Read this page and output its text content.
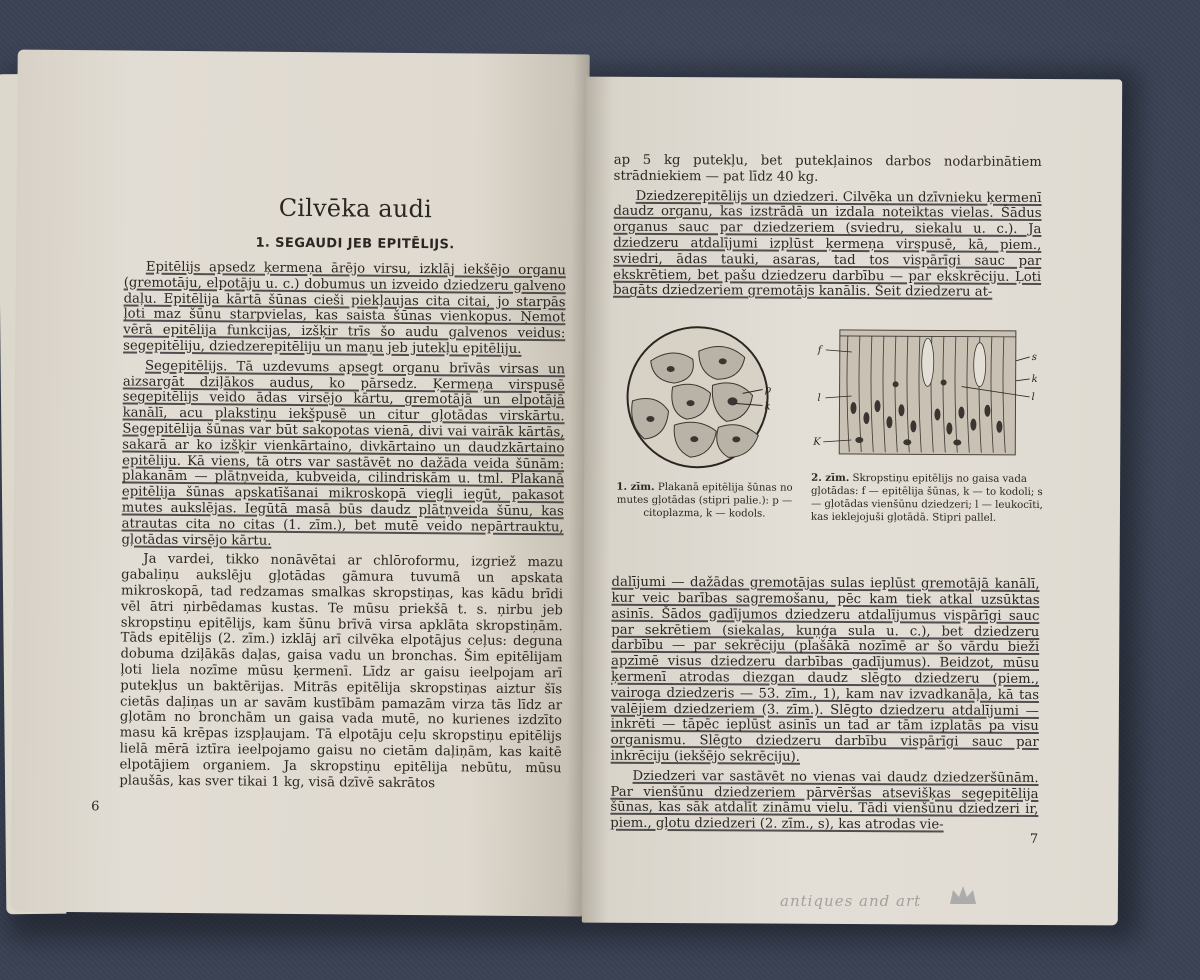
Cilvēka audi
1. SEGAUDI JEB EPITĒLIJS.

Epitēlijs apsedz ķermeņa ārējo virsu, izklāj iekšējo organu (gremotāju, elpotāju u. c.) dobumus un izveido dziedzeru galveno daļu. Epitēlija kārtā šūnas cieši piekļaujas cita citai, jo starpās ļoti maz šūnu starpvielas, kas saista šūnas vienkopus. Ņemot vērā epitēlija funkcijas, izšķir trīs šo audu galvenos veidus: segepitēliju, dziedzerepitēliju un maņu jeb jutekļu epitēliju.

Segepitēlijs. Tā uzdevums apsegt organu brīvās virsas un aizsargāt dziļākos audus, ko pārsedz. Ķermeņa virspusē segepitēlijs veido ādas virsējo kārtu, gremotājā un elpotājā kanālī, acu plakstiņu iekšpusē un citur gļotādas virskārtu. Segepitēlija šūnas var būt sakopotas vienā, divi vai vairāk kārtās, sakarā ar ko izšķir vienkārtaino, divkārtaino un daudzkārtaino epitēliju. Kā viens, tā otrs var sastāvēt no dažāda veida šūnām: plakanām — plātņveida, kubveida, cilindriskām u. tml. Plakanā epitēlija šūnas apskatīšanai mikroskopā viegli iegūt, pakasot mutes aukslējas. Iegūtā masā būs daudz plātņveida šūnu, kas atrautas cita no citas (1. zīm.), bet mutē veido nepārtrauktu, gļotādas virsējo kārtu.

Ja vardei, tikko nonāvētai ar chlōroformu, izgriež mazu gabaliņu aukslēju gļotādas gāmura tuvumā un apskata mikroskopā, tad redzamas smalkas skropstiņas, kas kādu brīdi vēl ātri ņirbēdamas kustas. Te mūsu priekšā t. s. ņirbu jeb skropstiņu epitēlijs, kam šūnu brīvā virsa apklāta skropstiņām. Tāds epitēlijs (2. zīm.) izklāj arī cilvēka elpotājus ceļus: deguna dobuma dziļākās daļas, gaisa vadu un bronchas. Šim epitēlijam ļoti liela nozīme mūsu ķermenī. Līdz ar gaisu ieelpojam arī putekļus un baktērijas. Mitrās epitēlija skropstiņas aiztur šīs cietās daļiņas un ar savām kustībām pamazām virza tās līdz ar gļotām no bronchām un gaisa vada mutē, no kurienes izdzīto masu kā krēpas izspļaujam. Tā elpotāju ceļu skropstiņu epitēlijs lielā mērā iztīra ieelpojamo gaisu no cietām daļiņām, kas kaitē elpotājiem organiem. Ja skropstiņu epitēlija nebūtu, mūsu plaušās, kas sver tikai 1 kg, visā dzīvē sakrātos

6

ap 5 kg putekļu, bet putekļainos darbos nodarbinātiem strādniekiem — pat līdz 40 kg.

Dziedzerepitēlijs un dziedzeri. Cilvēka un dzīvnieku ķermenī daudz organu, kas izstrādā un izdala noteiktas vielas. Šādus organus sauc par dziedzeriem (sviedru, siekalu u. c.). Ja dziedzeru atdalījumi izplūst ķermeņa virspusē, kā, piem., sviedri, ādas tauki, asaras, tad tos vispārīgi sauc par ekskrētiem, bet pašu dziedzeru darbību — par ekskrēciju. Ļoti bagāts dziedzeriem gremotājs kanālis. Šeit dziedzeru at-

p
k
1. zīm. Plakanā epitēlija šūnas no mutes gļotādas (stipri palie.): p — citoplazma, k — kodols.
f
l
K
s
k
l
2. zīm. Skropstiņu epitēlijs no gaisa vada gļotādas: f — epitēlija šūnas, k — to kodoli; s — gļotādas vienšūnu dziedzeri; l — leukocīti, kas ieklejojuši gļotādā. Stipri pallel.

dalījumi — dažādas gremotājas sulas ieplūst gremotājā kanālī, kur veic barības sagremošanu, pēc kam tiek atkal uzsūktas asinīs. Šādos gadījumos dziedzeru atdalījumus vispārīgi sauc par sekrētiem (siekalas, kuņģa sula u. c.), bet dziedzeru darbību — par sekrēciju (plašākā nozīmē ar šo vārdu bieži apzīmē visus dziedzeru darbības gadījumus). Beidzot, mūsu ķermenī atrodas diezgan daudz slēgto dziedzeru (piem., vairoga dziedzeris — 53. zīm., 1), kam nav izvadkanāļa, kā tas valējiem dziedzeriem (3. zīm.). Slēgto dziedzeru atdalījumi — inkrēti — tāpēc ieplūst asinīs un tad ar tām izplatās pa visu organismu. Slēgto dziedzeru darbību vispārīgi sauc par inkrēciju (iekšējo sekrēciju).

Dziedzeri var sastāvēt no vienas vai daudz dziedzeršūnām. Par vienšūnu dziedzeriem pārvēršas atsevišķas segepitēlija šūnas, kas sāk atdalīt zināmu vielu. Tādi vienšūnu dziedzeri ir, piem., gļotu dziedzeri (2. zīm., s), kas atrodas vie-

7
antiques and art
